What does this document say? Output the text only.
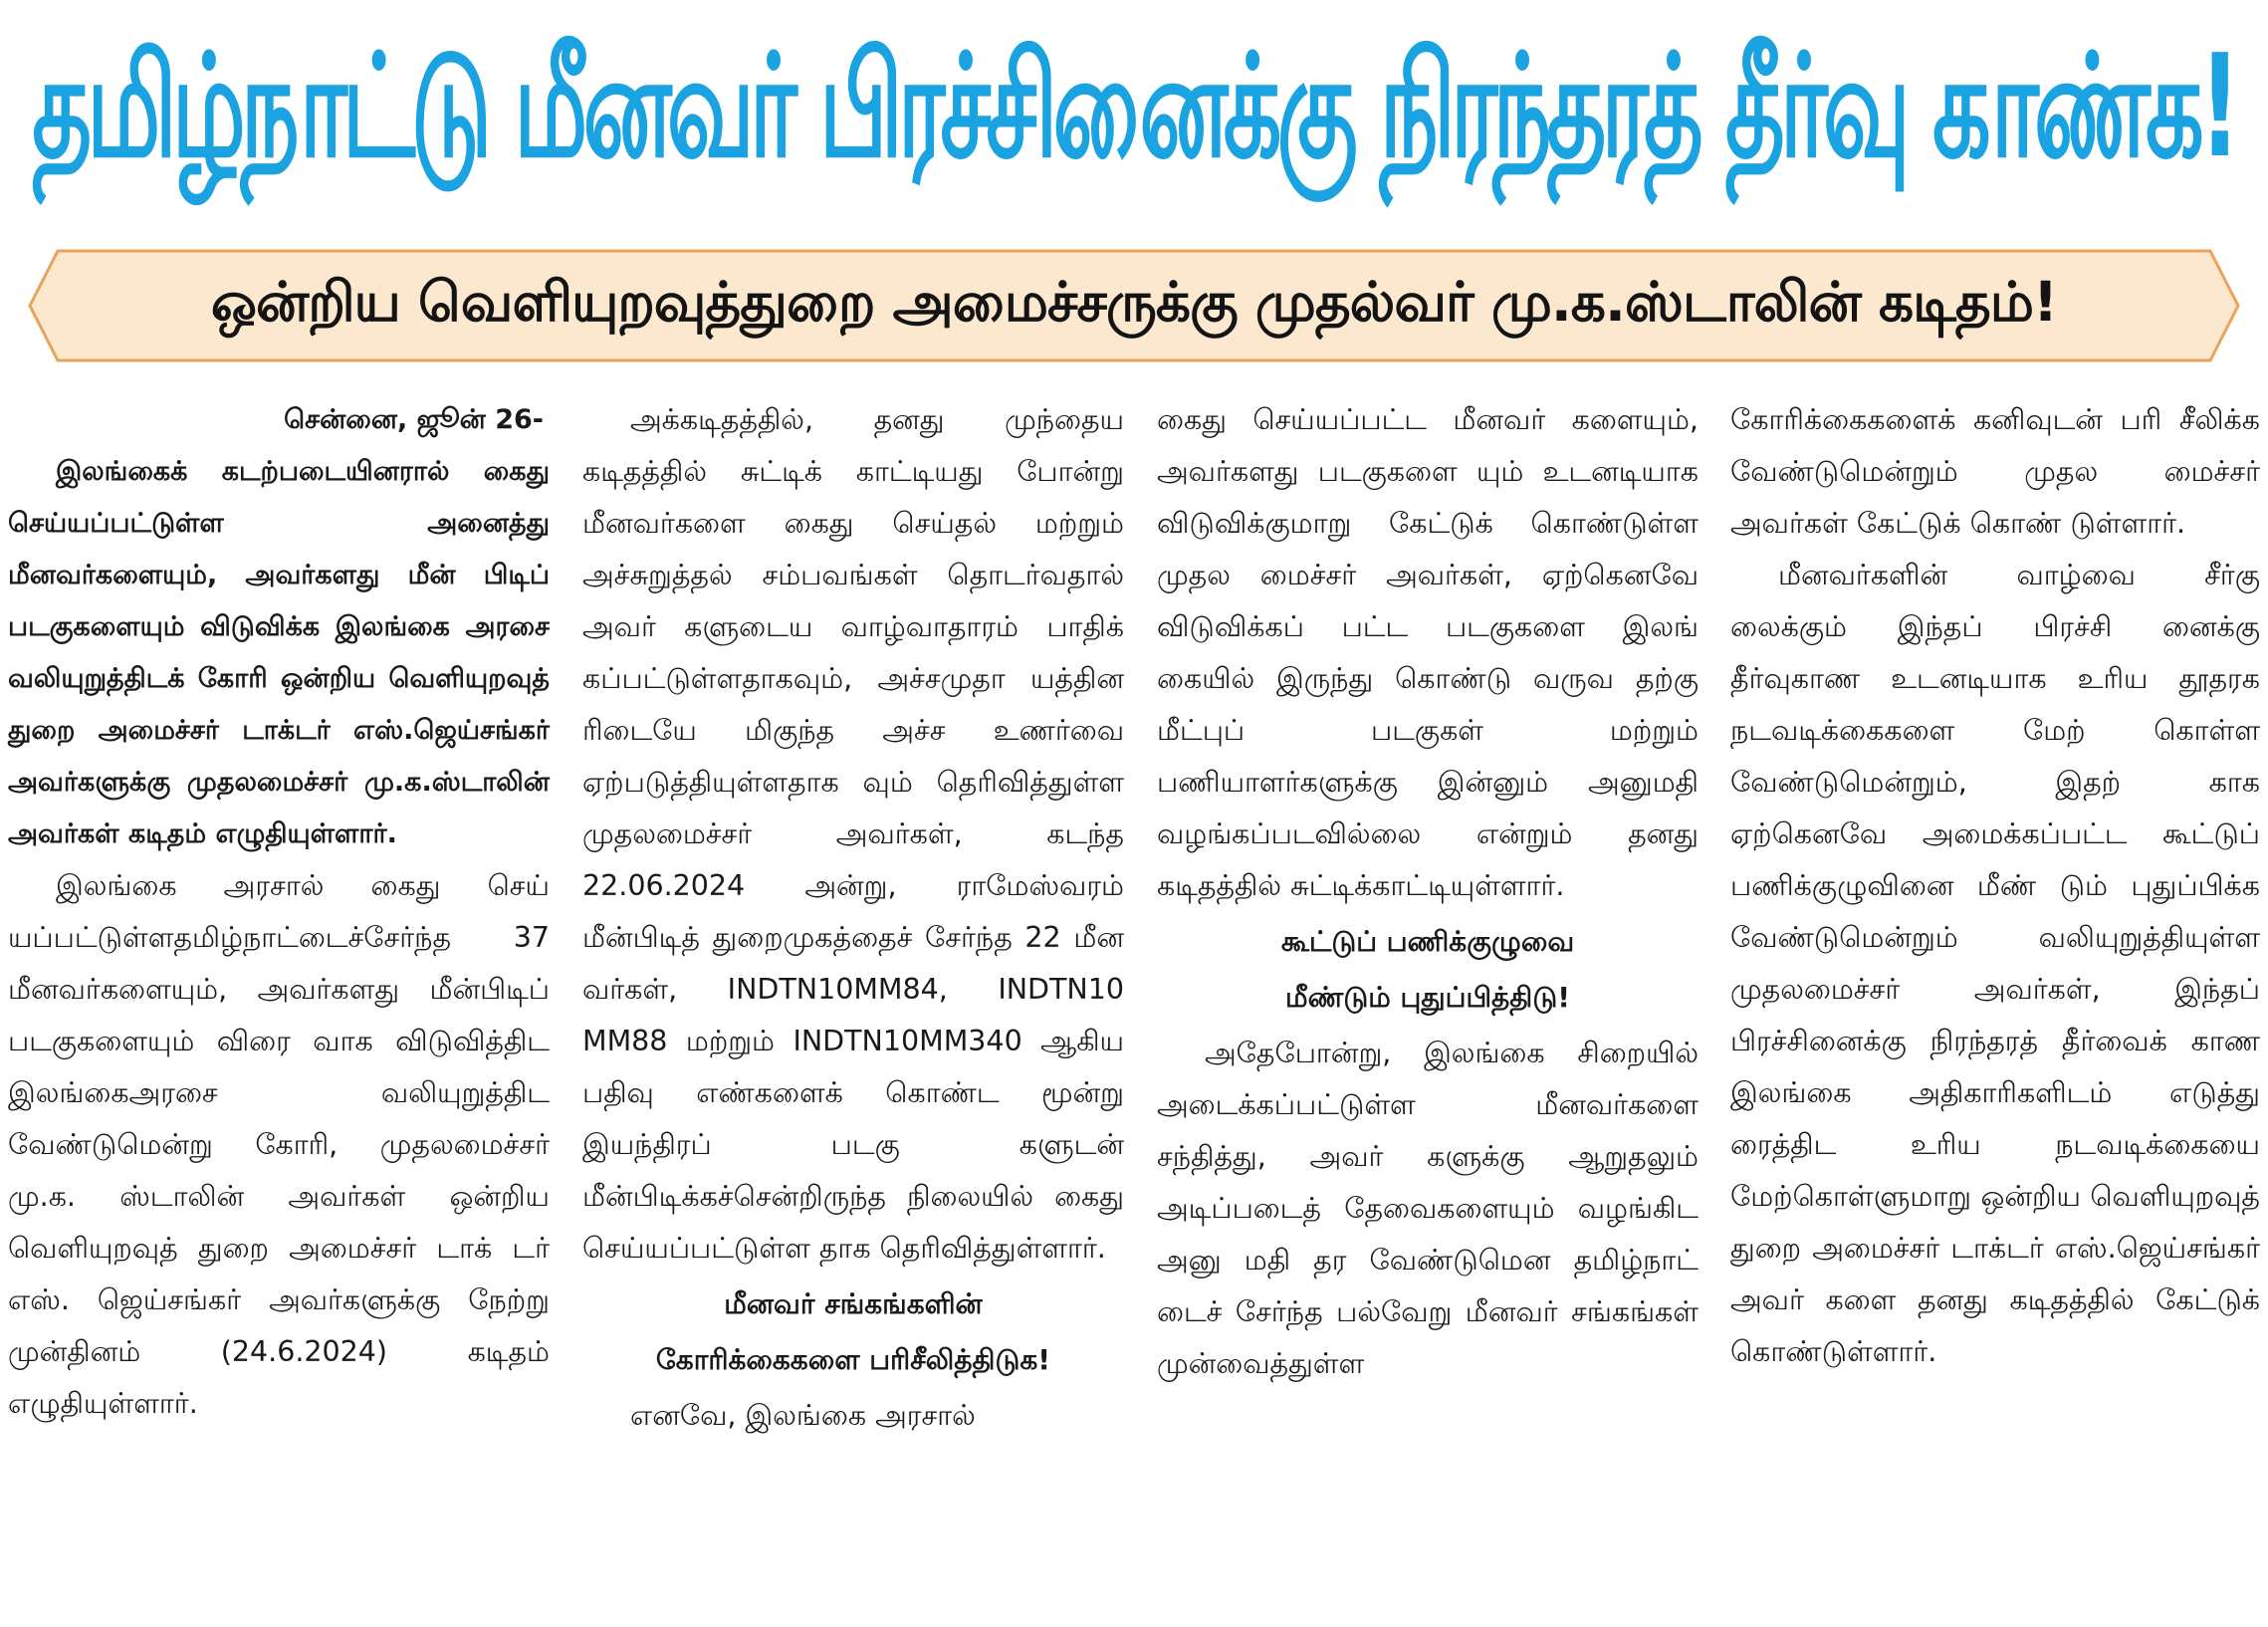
தமிழ்நாட்டு மீனவர் பிரச்சினைக்கு நிரந்தரத் தீர்வு காண்க!
ஒன்றிய வெளியுறவுத்துறை அமைச்சருக்கு முதல்வர் மு.க.ஸ்டாலின் கடிதம்!

சென்னை, ஜூன் 26-

இலங்கைக் கடற்படையினரால் கைது செய்யப்பட்டுள்ள அனைத்து மீனவர்களையும், அவர்களது மீன் பிடிப் படகுகளையும் விடுவிக்க இலங்கை அரசை வலியுறுத்திடக் கோரி ஒன்றிய வெளியுறவுத் துறை அமைச்சர் டாக்டர் எஸ்.ஜெய்சங்கர் அவர்களுக்கு முதலமைச்சர் மு.க.ஸ்டாலின் அவர்கள் கடிதம் எழுதியுள்ளார்.

இலங்கை அரசால் கைது செய் யப்பட்டுள்ளதமிழ்நாட்டைச்சேர்ந்த 37 மீனவர்களையும், அவர்களது மீன்பிடிப் படகுகளையும் விரை வாக விடுவித்திட இலங்கைஅரசை வலியுறுத்திட வேண்டுமென்று கோரி, முதலமைச்சர் மு.க. ஸ்டாலின் அவர்கள் ஒன்றிய வெளியுறவுத் துறை அமைச்சர் டாக் டர் எஸ். ஜெய்சங்கர் அவர்களுக்கு நேற்று முன்தினம் (24.6.2024) கடிதம் எழுதியுள்ளார்.

அக்கடிதத்தில், தனது முந்தைய கடிதத்தில் சுட்டிக் காட்டியது போன்று மீனவர்களை கைது செய்தல் மற்றும் அச்சுறுத்தல் சம்பவங்கள் தொடர்வதால் அவர் களுடைய வாழ்வாதாரம் பாதிக் கப்பட்டுள்ளதாகவும், அச்சமுதா யத்தின ரிடையே மிகுந்த அச்ச உணர்வை ஏற்படுத்தியுள்ளதாக வும் தெரிவித்துள்ள முதலமைச்சர் அவர்கள், கடந்த 22.06.2024 அன்று, ராமேஸ்வரம் மீன்பிடித் துறைமுகத்தைச் சேர்ந்த 22 மீன வர்கள், INDTN10MM84, INDTN10 MM88 மற்றும் INDTN10MM340 ஆகிய பதிவு எண்களைக் கொண்ட மூன்று இயந்திரப் படகு களுடன் மீன்பிடிக்கச்சென்றிருந்த நிலையில் கைது செய்யப்பட்டுள்ள தாக தெரிவித்துள்ளார்.

மீனவர் சங்கங்களின்

கோரிக்கைகளை பரிசீலித்திடுக!

எனவே, இலங்கை அரசால்

கைது செய்யப்பட்ட மீனவர் களையும், அவர்களது படகுகளை யும் உடனடியாக விடுவிக்குமாறு கேட்டுக் கொண்டுள்ள முதல மைச்சர் அவர்கள், ஏற்கெனவே விடுவிக்கப் பட்ட படகுகளை இலங் கையில் இருந்து கொண்டு வருவ தற்கு மீட்புப் படகுகள் மற்றும் பணியாளர்களுக்கு இன்னும் அனுமதி வழங்கப்படவில்லை என்றும் தனது கடிதத்தில் சுட்டிக்காட்டியுள்ளார்.

கூட்டுப் பணிக்குழுவை

மீண்டும் புதுப்பித்திடு!

அதேபோன்று, இலங்கை சிறையில் அடைக்கப்பட்டுள்ள மீனவர்களை சந்தித்து, அவர் களுக்கு ஆறுதலும் அடிப்படைத் தேவைகளையும் வழங்கிட அனு மதி தர வேண்டுமென தமிழ்நாட் டைச் சேர்ந்த பல்வேறு மீனவர் சங்கங்கள் முன்வைத்துள்ள

கோரிக்கைகளைக் கனிவுடன் பரி சீலிக்க வேண்டுமென்றும் முதல மைச்சர் அவர்கள் கேட்டுக் கொண் டுள்ளார்.

மீனவர்களின் வாழ்வை சீர்கு லைக்கும் இந்தப் பிரச்சி னைக்கு தீர்வுகாண உடனடியாக உரிய தூதரக நடவடிக்கைகளை மேற் கொள்ள வேண்டுமென்றும், இதற் காக ஏற்கெனவே அமைக்கப்பட்ட கூட்டுப் பணிக்குழுவினை மீண் டும் புதுப்பிக்க வேண்டுமென்றும் வலியுறுத்தியுள்ள முதலமைச்சர் அவர்கள், இந்தப் பிரச்சினைக்கு நிரந்தரத் தீர்வைக் காண இலங்கை அதிகாரிகளிடம் எடுத்து ரைத்திட உரிய நடவடிக்கையை மேற்கொள்ளுமாறு ஒன்றிய வெளியுறவுத் துறை அமைச்சர் டாக்டர் எஸ்.ஜெய்சங்கர் அவர் களை தனது கடிதத்தில் கேட்டுக் கொண்டுள்ளார்.
